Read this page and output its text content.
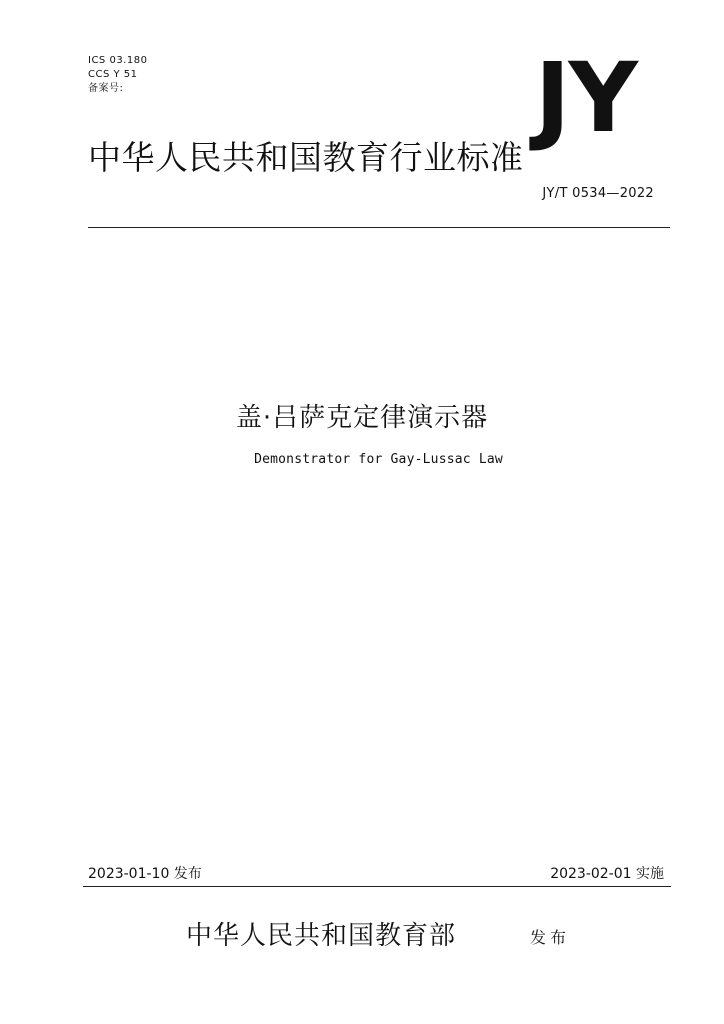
ICS 03.180
CCS Y 51
备案号:	JY
中华人民共和国教育行业标准
JY/T 0534—2022
盖·吕萨克定律演示器
Demonstrator for Gay-Lussac Law
2023-01-10 发布	2023-02-01 实施
中华人民共和国教育部	发布
